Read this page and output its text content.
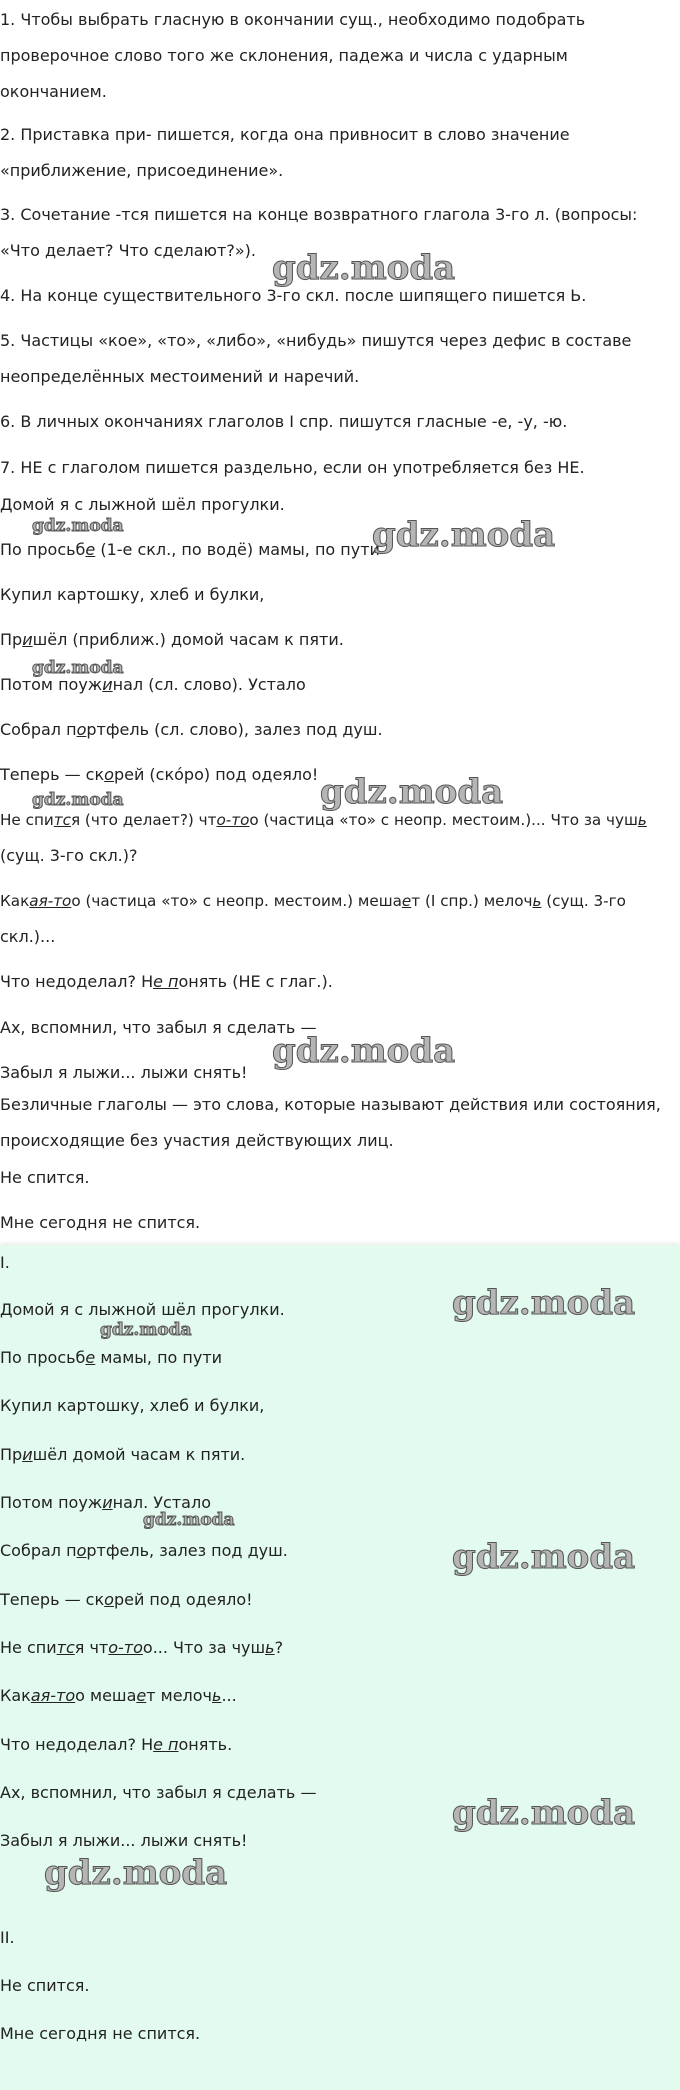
1. Чтобы выбрать гласную в окончании сущ., необходимо подобрать проверочное слово того же склонения, падежа и числа с ударным окончанием.

2. Приставка при- пишется, когда она привносит в слово значение «приближение, присоединение».

3. Сочетание -тся пишется на конце возвратного глагола 3-го л. (вопросы: «Что делает? Что сделают?»).

4. На конце существительного 3-го скл. после шипящего пишется Ь.

5. Частицы «кое», «то», «либо», «нибудь» пишутся через дефис в составе неопределённых местоимений и наречий.

6. В личных окончаниях глаголов I спр. пишутся гласные -е, -у, -ю.

7. НЕ с глаголом пишется раздельно, если он употребляется без НЕ.

Домой я с лыжной шёл прогулки.

По просьбе (1-е скл., по водё) мамы, по пути

Купил картошку, хлеб и булки,

Пришёл (приближ.) домой часам к пяти.

Потом поужинал (сл. слово). Устало

Собрал портфель (сл. слово), залез под душ.

Теперь — скорей (скóро) под одеяло!

Не спится (что делает?) что-тоо (частица «то» с неопр. местоим.)... Что за чушь

(сущ. 3-го скл.)?

Какая-тоо (частица «то» с неопр. местоим.) мешает (I спр.) мелочь (сущ. 3-го

скл.)...

Что недоделал? Не понять (НЕ с глаг.).

Ах, вспомнил, что забыл я сделать —

Забыл я лыжи... лыжи снять!

Безличные глаголы — это слова, которые называют действия или состояния, происходящие без участия действующих лиц.

Не спится.

Мне сегодня не спится.

I.

Домой я с лыжной шёл прогулки.

По просьбе мамы, по пути

Купил картошку, хлеб и булки,

Пришёл домой часам к пяти.

Потом поужинал. Устало

Собрал портфель, залез под душ.

Теперь — скорей под одеяло!

Не спится что-тоо... Что за чушь?

Какая-тоо мешает мелочь...

Что недоделал? Не понять.

Ах, вспомнил, что забыл я сделать —

Забыл я лыжи... лыжи снять!

II.

Не спится.

Мне сегодня не спится.

gdz.moda
gdz.moda
gdz.moda
gdz.moda
gdz.moda
gdz.moda
gdz.moda
gdz.moda
gdz.moda
gdz.moda
gdz.moda
gdz.moda
gdz.moda
